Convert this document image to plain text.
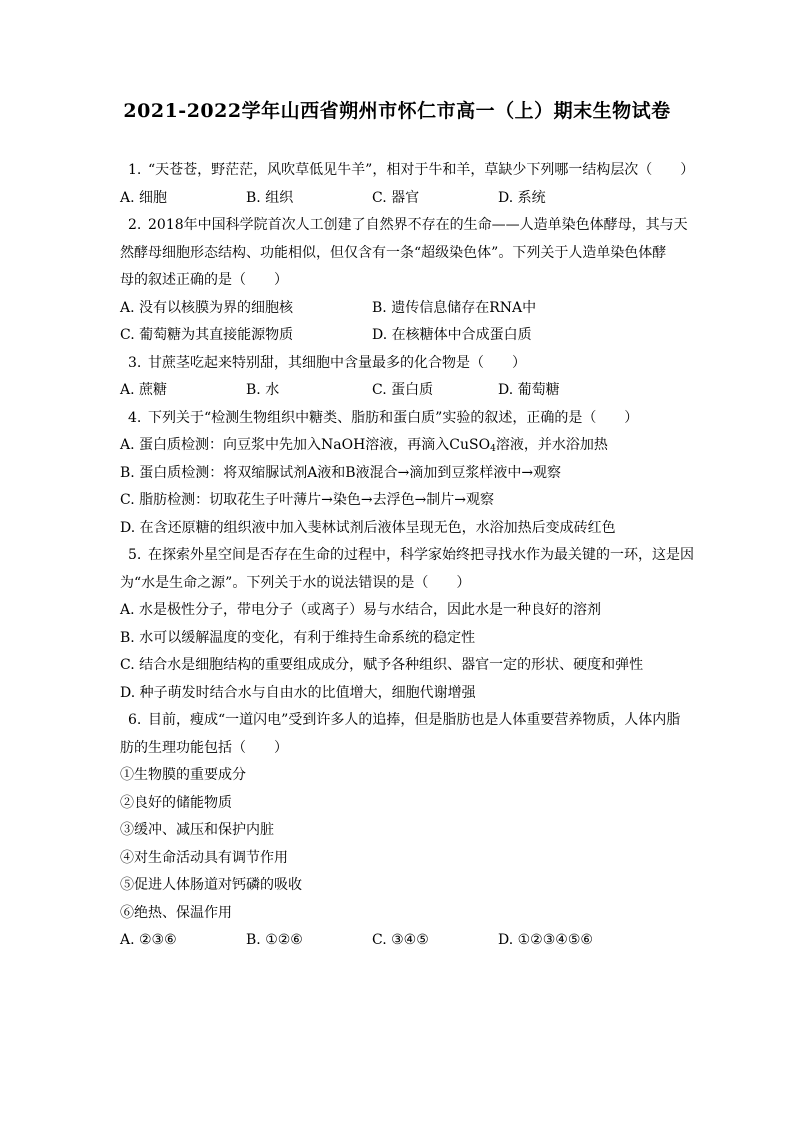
2021-2022学年山西省朔州市怀仁市高一（上）期末生物试卷
1. “天苍苍，野茫茫，风吹草低见牛羊”，相对于牛和羊，草缺少下列哪一结构层次（　　）
A. 细胞	B. 组织	C. 器官	D. 系统
2. 2018年中国科学院首次人工创建了自然界不存在的生命——人造单染色体酵母，其与天
然酵母细胞形态结构、功能相似，但仅含有一条“超级染色体”。下列关于人造单染色体酵
母的叙述正确的是（　　）
A. 没有以核膜为界的细胞核	B. 遗传信息储存在RNA中
C. 葡萄糖为其直接能源物质	D. 在核糖体中合成蛋白质
3. 甘蔗茎吃起来特别甜，其细胞中含量最多的化合物是（　　）
A. 蔗糖	B. 水	C. 蛋白质	D. 葡萄糖
4. 下列关于“检测生物组织中糖类、脂肪和蛋白质”实验的叙述，正确的是（　　）
A. 蛋白质检测：向豆浆中先加入NaOH溶液，再滴入CuSO$_4$溶液，并水浴加热
B. 蛋白质检测：将双缩脲试剂A液和B液混合→滴加到豆浆样液中→观察
C. 脂肪检测：切取花生子叶薄片→染色→去浮色→制片→观察
D. 在含还原糖的组织液中加入斐林试剂后液体呈现无色，水浴加热后变成砖红色
5. 在探索外星空间是否存在生命的过程中，科学家始终把寻找水作为最关键的一环，这是因
为“水是生命之源”。下列关于水的说法错误的是（　　）
A. 水是极性分子，带电分子（或离子）易与水结合，因此水是一种良好的溶剂
B. 水可以缓解温度的变化，有利于维持生命系统的稳定性
C. 结合水是细胞结构的重要组成成分，赋予各种组织、器官一定的形状、硬度和弹性
D. 种子萌发时结合水与自由水的比值增大，细胞代谢增强
6. 目前，瘦成“一道闪电”受到许多人的追捧，但是脂肪也是人体重要营养物质，人体内脂
肪的生理功能包括（　　）
①生物膜的重要成分
②良好的储能物质
③缓冲、减压和保护内脏
④对生命活动具有调节作用
⑤促进人体肠道对钙磷的吸收
⑥绝热、保温作用
A. ②③⑥	B. ①②⑥	C. ③④⑤	D. ①②③④⑤⑥
